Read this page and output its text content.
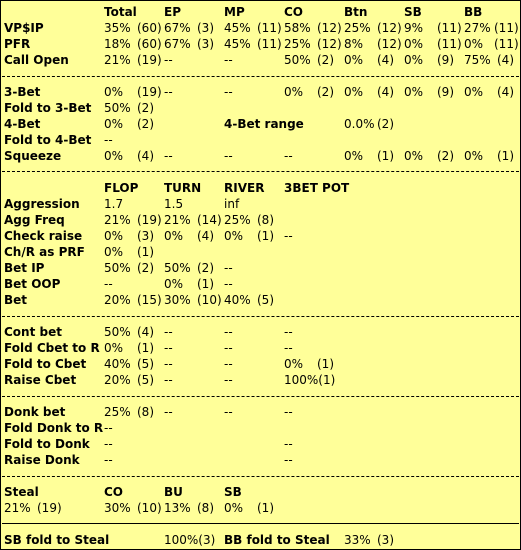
Total EP	MP	CO	Btn	SB	BB
VP$IP	35% (60) 67% (3) 45% (11) 58% (12) 25% (12) 9% (11) 27% (11)
PFR	18% (60) 67% (3) 45% (11) 25% (12) 8% (12) 0% (11) 0% (11)
Call Open	21% (19) --	--	50% (2) 0% (4) 0% (9) 75% (4)
3-Bet	0% (19) --	--	0% (2) 0% (4) 0% (9) 0% (4)
Fold to 3-Bet 50% (2)
4-Bet	0% (2)	4-Bet range	0.0% (2)
Fold to 4-Bet --
Squeeze	0% (4) --	--	--	0% (1) 0% (2) 0% (1)
FLOP TURN RIVER 3BET POT
Aggression 1.7	1.5	inf
Agg Freq	21% (19) 21% (14) 25% (8)
Check raise 0% (3) 0% (4) 0% (1) --
Ch/R as PRF 0% (1)
Bet IP	50% (2) 50% (2) --
Bet OOP	--	0% (1) --
Bet	20% (15) 30% (10) 40% (5)
Cont bet	50% (4) --	--	--
Fold Cbet to R 0% (1) --	--	--
Fold to Cbet 40% (5) --	--	0% (1)
Raise Cbet 20% (5) --	--	100%(1)
Donk bet	25% (8) --	--	--
Fold Donk to R --
Fold to Donk --	--
Raise Donk --	--
Steal	CO	BU	SB
21% (19)	30% (10) 13% (8) 0% (1)
SB fold to Steal	100%(3) BB fold to Steal 33% (3)
